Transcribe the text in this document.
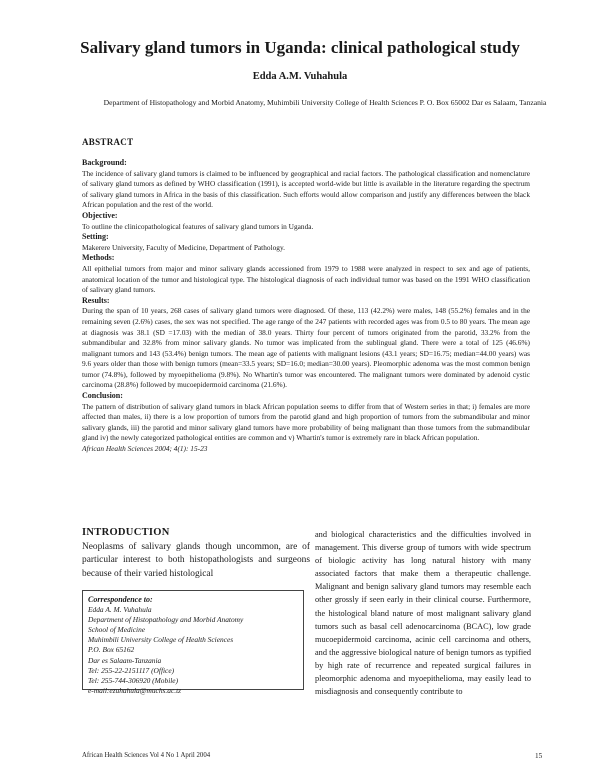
Salivary gland tumors in Uganda: clinical pathological study
Edda A.M. Vuhahula
Department of Histopathology and Morbid Anatomy, Muhimbili University College of Health Sciences P. O. Box 65002 Dar es Salaam, Tanzania
ABSTRACT

Background:

The incidence of salivary gland tumors is claimed to be influenced by geographical and racial factors. The pathological classification and nomenclature of salivary gland tumors as defined by WHO classification (1991), is accepted world-wide but little is available in the literature regarding the spectrum of salivary gland tumors in Africa in the basis of this classification. Such efforts would allow comparison and justify any differences between the black African population and the rest of the world.

Objective:

To outline the clinicopathological features of salivary gland tumors in Uganda.

Setting:

Makerere University, Faculty of Medicine, Department of Pathology.

Methods:

All epithelial tumors from major and minor salivary glands accessioned from 1979 to 1988 were analyzed in respect to sex and age of patients, anatomical location of the tumor and histological type. The histological diagnosis of each individual tumor was based on the 1991 WHO classification of salivary gland tumors.

Results:

During the span of 10 years, 268 cases of salivary gland tumors were diagnosed. Of these, 113 (42.2%) were males, 148 (55.2%) females and in the remaining seven (2.6%) cases, the sex was not specified. The age range of the 247 patients with recorded ages was from 0.5 to 80 years. The mean age at diagnosis was 38.1 (SD =17.03) with the median of 38.0 years. Thirty four percent of tumors originated from the parotid, 33.2% from the submandibular and 32.8% from minor salivary glands. No tumor was implicated from the sublingual gland. There were a total of 125 (46.6%) malignant tumors and 143 (53.4%) benign tumors. The mean age of patients with malignant lesions (43.1 years; SD=16.75; median=44.00 years) was 9.6 years older than those with benign tumors (mean=33.5 years; SD=16.0; median=30.00 years). Pleomorphic adenoma was the most common benign tumor (74.8%), followed by myoepithelioma (9.8%). No Whartin's tumor was encountered. The malignant tumors were dominated by adenoid cystic carcinoma (28.8%) followed by mucoepidermoid carcinoma (21.6%).

Conclusion:

The pattern of distribution of salivary gland tumors in black African population seems to differ from that of Western series in that; i) females are more affected than males, ii) there is a low proportion of tumors from the parotid gland and high proportion of tumors from the submandibular and minor salivary glands, iii) the parotid and minor salivary gland tumors have more probability of being malignant than those tumors from the submandibular gland iv) the newly categorized pathological entities are common and v) Whartin's tumor is extremely rare in black African population.

African Health Sciences 2004; 4(1): 15-23

INTRODUCTION

Neoplasms of salivary glands though uncommon, are of particular interest to both histopathologists and surgeons because of their varied histological

Correspondence to:
Edda A. M. Vuhahula
Department of Histopathology and Morbid Anatomy
School of Medicine
Muhimbili University College of Health Sciences
P.O. Box 65162
Dar es Salaam-Tanzania
Tel: 255-22-2151117 (Office)
Tel: 255-744-306920 (Mobile)
e-mail:ezuhahula@muchs.ac.tz

and biological characteristics and the difficulties involved in management. This diverse group of tumors with wide spectrum of biologic activity has long natural history with many associated factors that make them a therapeutic challenge. Malignant and benign salivary gland tumors may resemble each other grossly if seen early in their clinical course. Furthermore, the histological bland nature of most malignant salivary gland tumors such as basal cell adenocarcinoma (BCAC), low grade mucoepidermoid carcinoma, acinic cell carcinoma and others, and the aggressive biological nature of benign tumors as typified by high rate of recurrence and repeated surgical failures in pleomorphic adenoma and myoepithelioma, may easily lead to misdiagnosis and consequently contribute to

African Health Sciences Vol 4 No 1 April 2004	15
